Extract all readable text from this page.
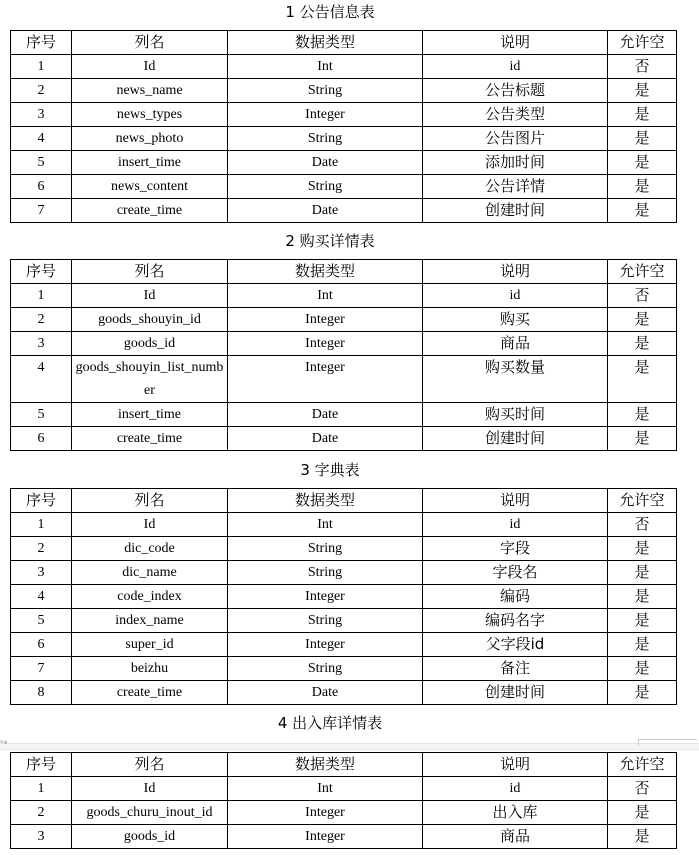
1 公告信息表
序号	列名	数据类型	说明	允许空
1	Id	Int	id	否
2	news_name	String	公告标题	是
3	news_types	Integer	公告类型	是
4	news_photo	String	公告图片	是
5	insert_time	Date	添加时间	是
6	news_content	String	公告详情	是
7	create_time	Date	创建时间	是
2 购买详情表
序号	列名	数据类型	说明	允许空
1	Id	Int	id	否
2	goods_shouyin_id	Integer	购买	是
3	goods_id	Integer	商品	是
4	goods_shouyin_list_number	Integer	购买数量	是
5	insert_time	Date	购买时间	是
6	create_time	Date	创建时间	是
3 字典表
序号	列名	数据类型	说明	允许空
1	Id	Int	id	否
2	dic_code	String	字段	是
3	dic_name	String	字段名	是
4	code_index	Integer	编码	是
5	index_name	String	编码名字	是
6	super_id	Integer	父字段id	是
7	beizhu	String	备注	是
8	create_time	Date	创建时间	是
4 出入库详情表
↪
序号	列名	数据类型	说明	允许空
1	Id	Int	id	否
2	goods_churu_inout_id	Integer	出入库	是
3	goods_id	Integer	商品	是
